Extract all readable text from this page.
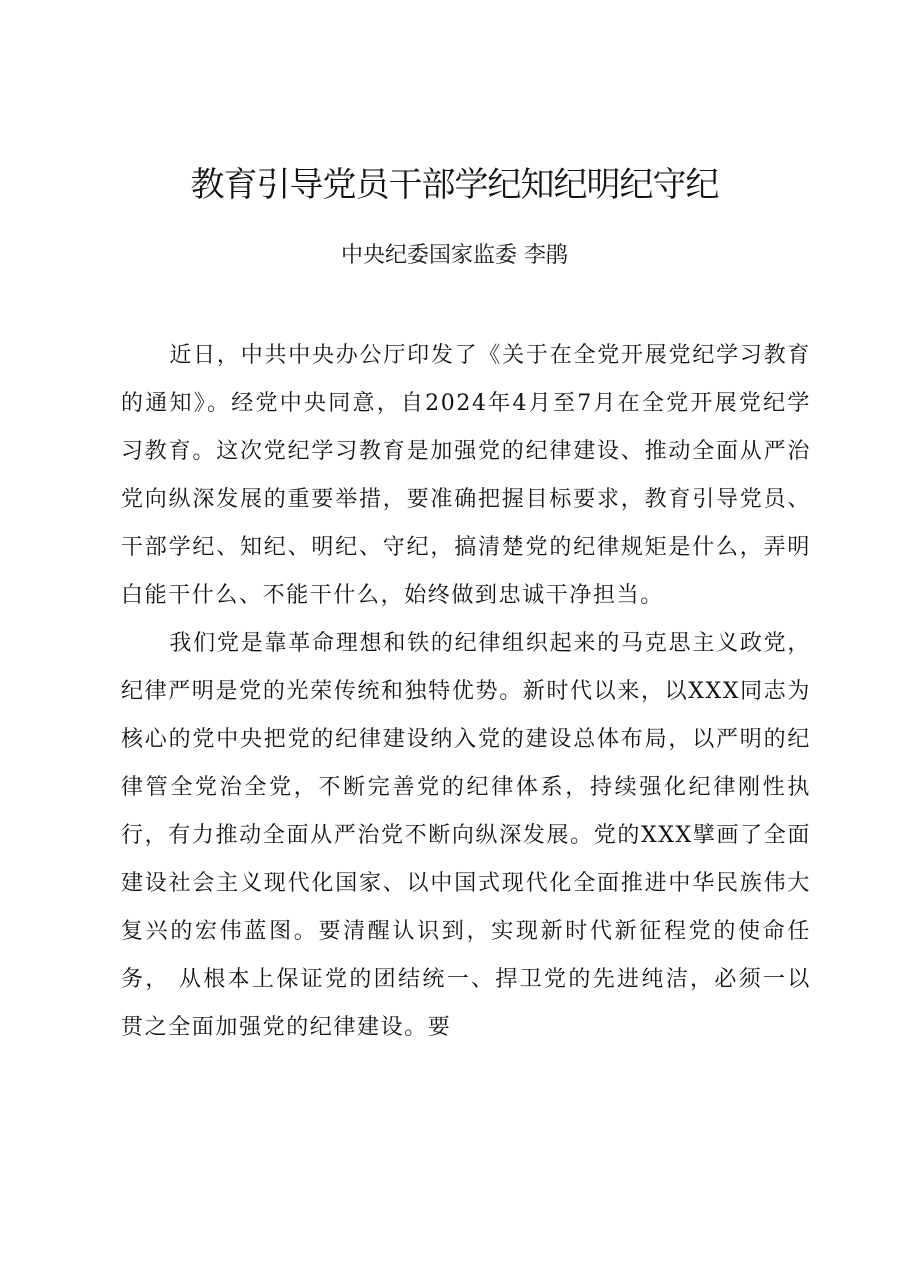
教育引导党员干部学纪知纪明纪守纪
中央纪委国家监委 李鹃

近日，中共中央办公厅印发了《关于在全党开展党纪学习教育的通知》。经党中央同意，自2024年4月至7月在全党开展党纪学习教育。这次党纪学习教育是加强党的纪律建设、推动全面从严治党向纵深发展的重要举措，要准确把握目标要求，教育引导党员、干部学纪、知纪、明纪、守纪，搞清楚党的纪律规矩是什么，弄明白能干什么、不能干什么，始终做到忠诚干净担当。

我们党是靠革命理想和铁的纪律组织起来的马克思主义政党，纪律严明是党的光荣传统和独特优势。新时代以来，以XXX同志为核心的党中央把党的纪律建设纳入党的建设总体布局，以严明的纪律管全党治全党，不断完善党的纪律体系，持续强化纪律刚性执行，有力推动全面从严治党不断向纵深发展。党的XXX擘画了全面建设社会主义现代化国家、以中国式现代化全面推进中华民族伟大复兴的宏伟蓝图。要清醒认识到，实现新时代新征程党的使命任务， 从根本上保证党的团结统一、捍卫党的先进纯洁，必须一以贯之全面加强党的纪律建设。要
